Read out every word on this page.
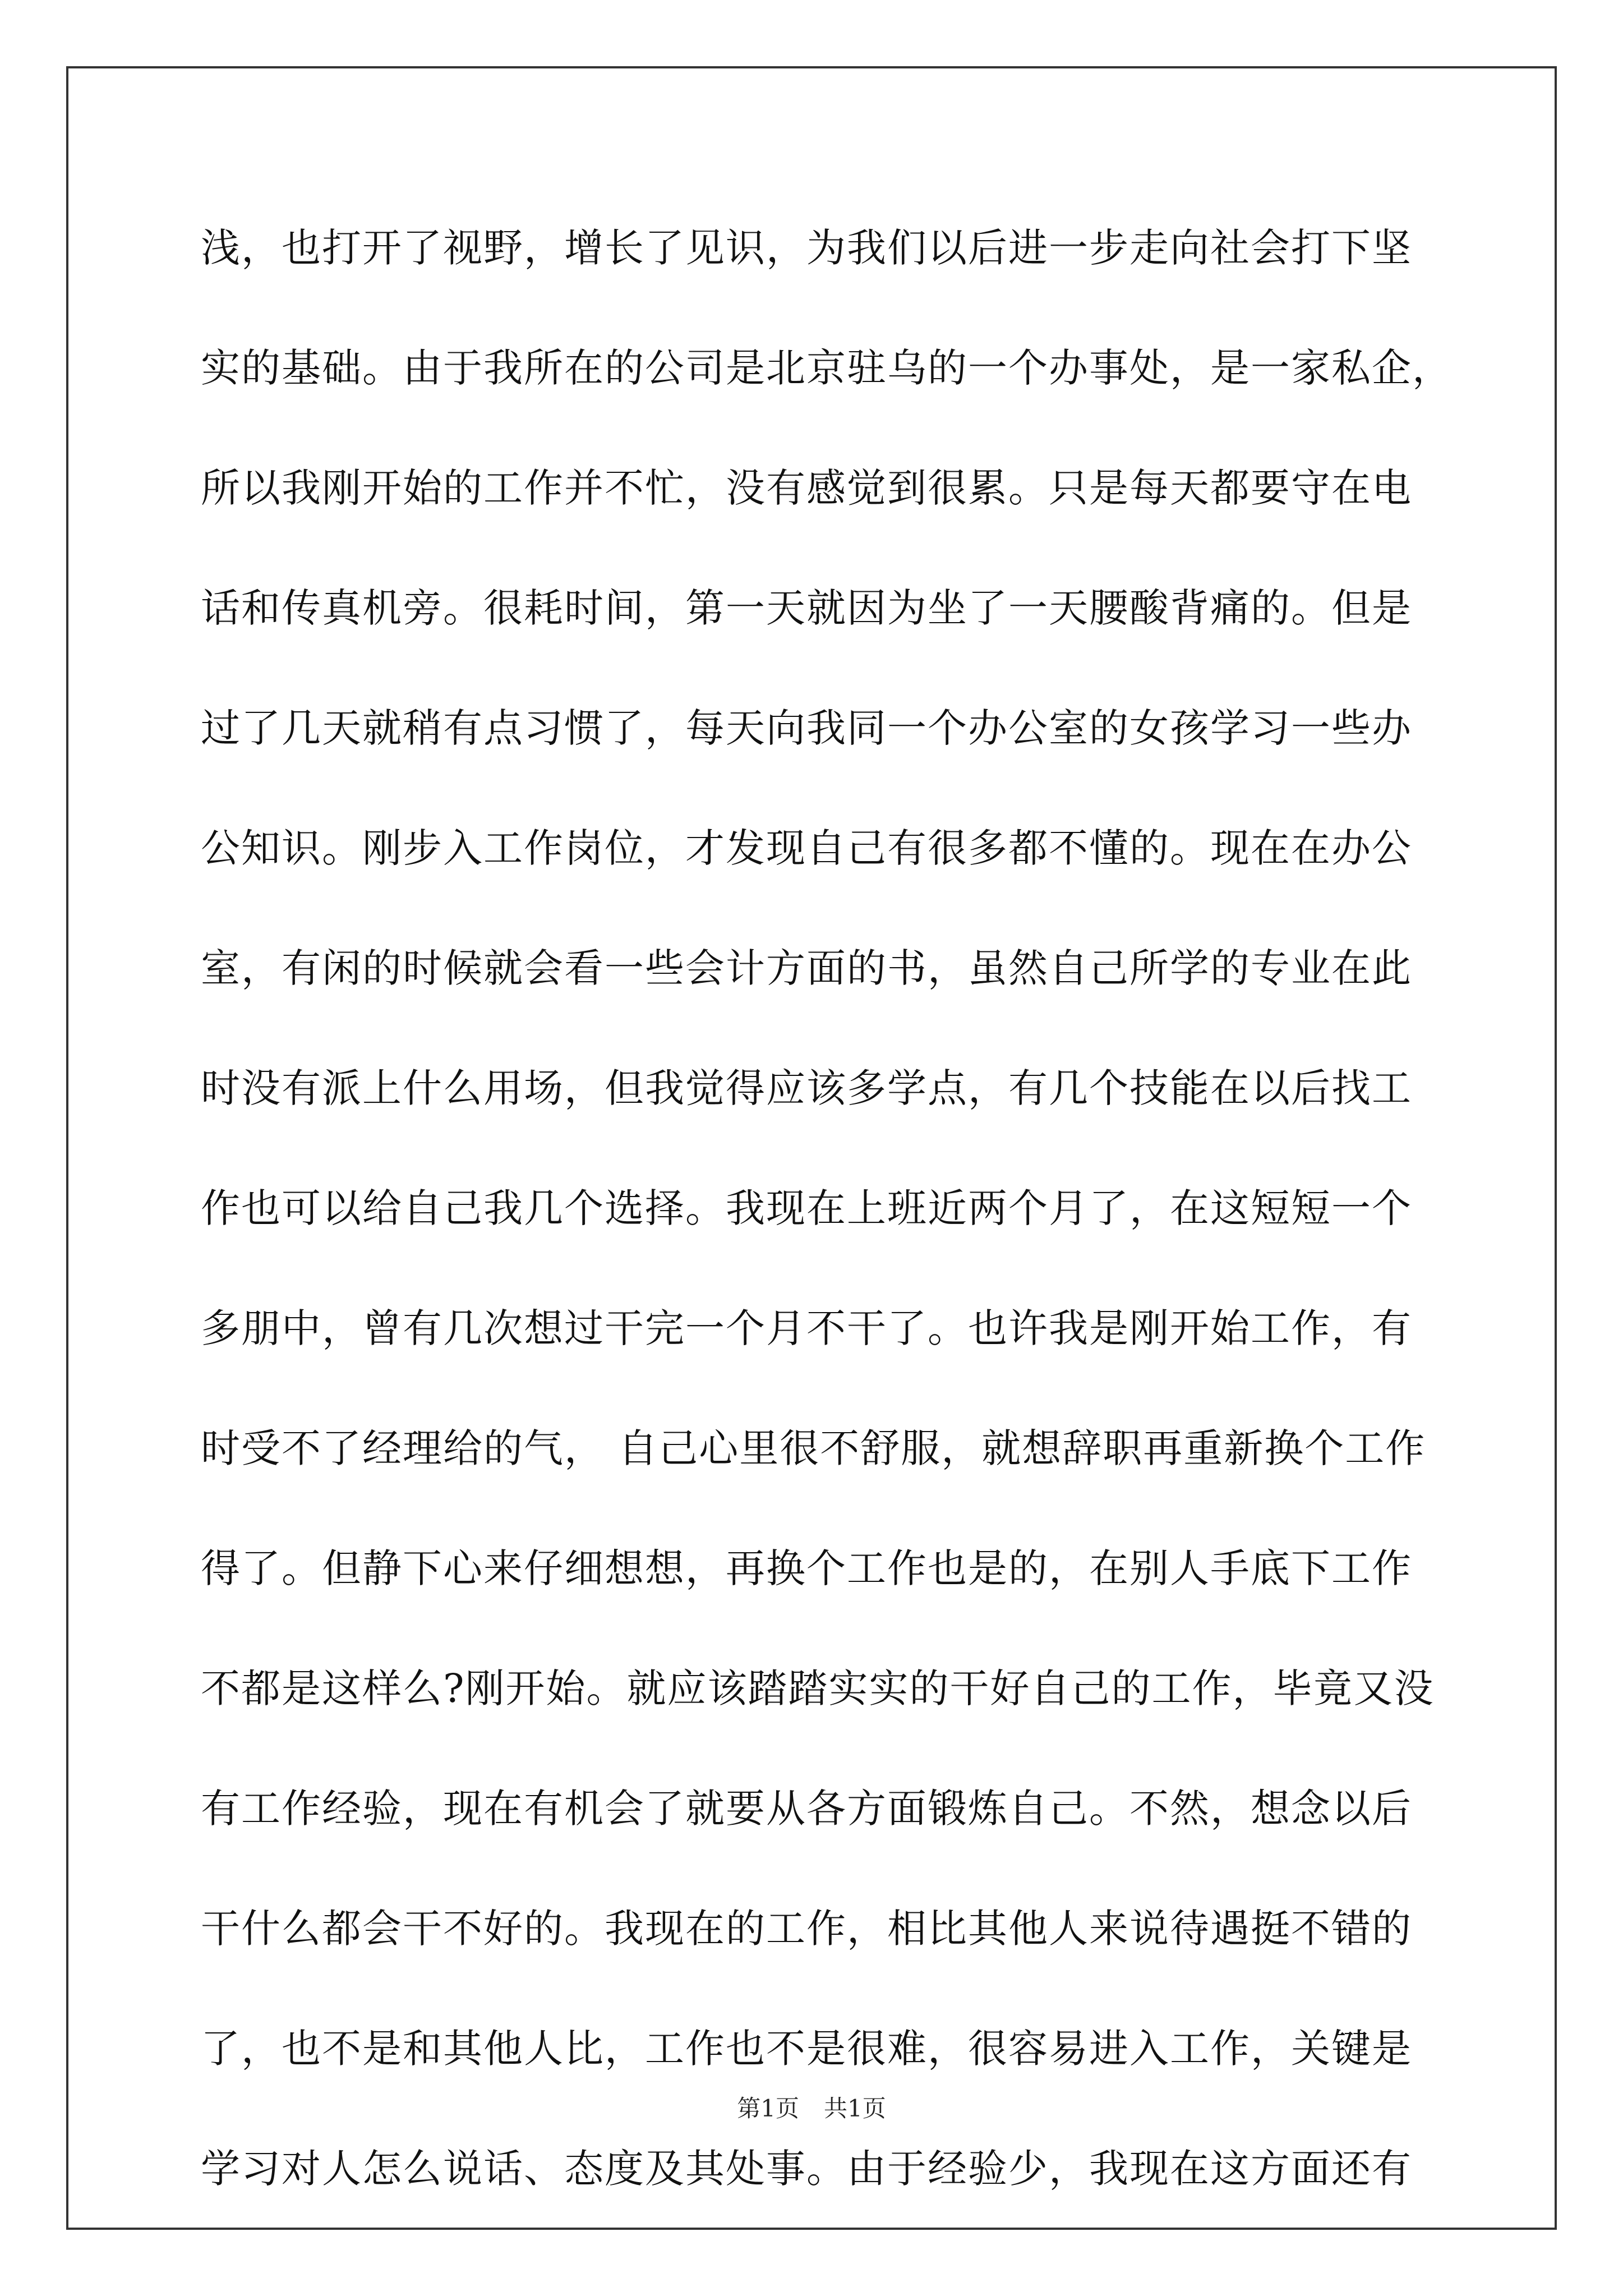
浅，也打开了视野，增长了见识，为我们以后进一步走向社会打下坚
实的基础。由于我所在的公司是北京驻乌的一个办事处，是一家私企，
所以我刚开始的工作并不忙，没有感觉到很累。只是每天都要守在电
话和传真机旁。很耗时间，第一天就因为坐了一天腰酸背痛的。但是
过了几天就稍有点习惯了，每天向我同一个办公室的女孩学习一些办
公知识。刚步入工作岗位，才发现自己有很多都不懂的。现在在办公
室，有闲的时候就会看一些会计方面的书，虽然自己所学的专业在此
时没有派上什么用场，但我觉得应该多学点，有几个技能在以后找工
作也可以给自己我几个选择。我现在上班近两个月了，在这短短一个
多朋中，曾有几次想过干完一个月不干了。也许我是刚开始工作，有
时受不了经理给的气， 自己心里很不舒服，就想辞职再重新换个工作
得了。但静下心来仔细想想，再换个工作也是的，在别人手底下工作
不都是这样么?刚开始。就应该踏踏实实的干好自己的工作，毕竟又没
有工作经验，现在有机会了就要从各方面锻炼自己。不然，想念以后
干什么都会干不好的。我现在的工作，相比其他人来说待遇挺不错的
了，也不是和其他人比，工作也不是很难，很容易进入工作，关键是
学习对人怎么说话、态度及其处事。由于经验少，我现在这方面还有
第1页 共1页
